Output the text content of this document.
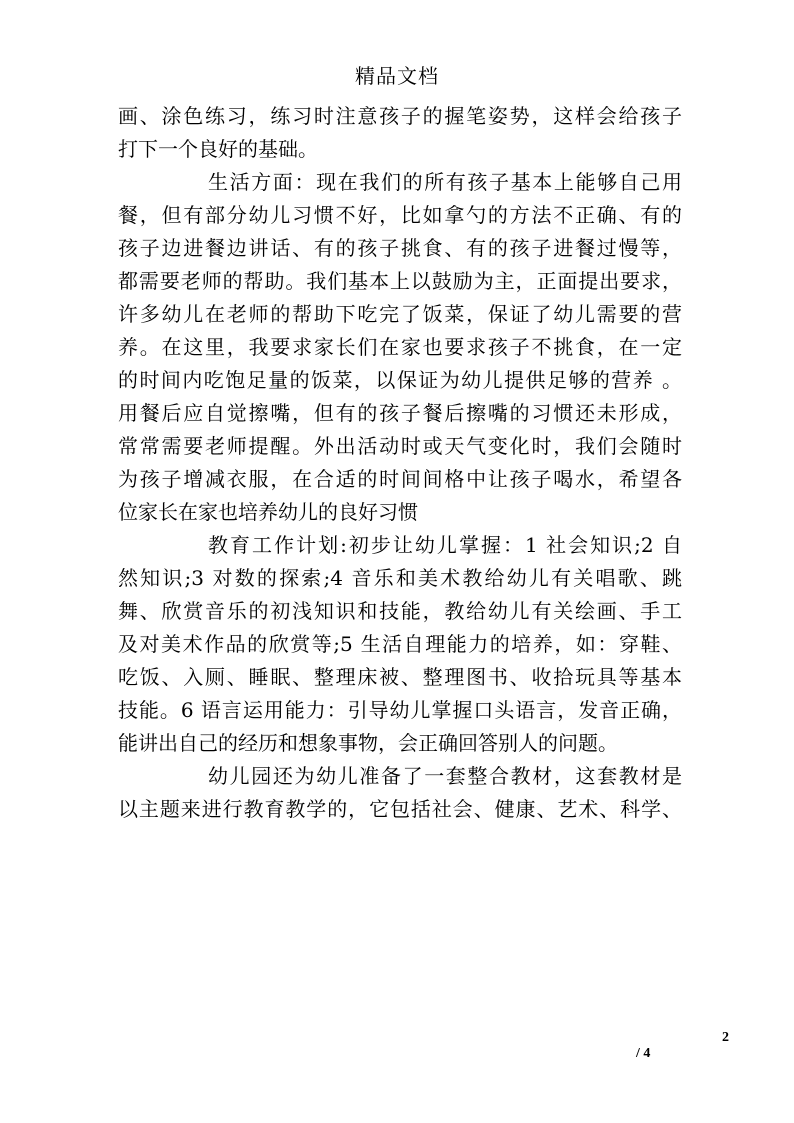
精品文档
画、涂色练习，练习时注意孩子的握笔姿势，这样会给孩子
打下一个良好的基础。
生活方面：现在我们的所有孩子基本上能够自己用
餐，但有部分幼儿习惯不好，比如拿勺的方法不正确、有的
孩子边进餐边讲话、有的孩子挑食、有的孩子进餐过慢等，
都需要老师的帮助。我们基本上以鼓励为主，正面提出要求，
许多幼儿在老师的帮助下吃完了饭菜，保证了幼儿需要的营
养。在这里，我要求家长们在家也要求孩子不挑食，在一定
的时间内吃饱足量的饭菜，以保证为幼儿提供足够的营养 。
用餐后应自觉擦嘴，但有的孩子餐后擦嘴的习惯还未形成，
常常需要老师提醒。外出活动时或天气变化时，我们会随时
为孩子增减衣服，在合适的时间间格中让孩子喝水，希望各
位家长在家也培养幼儿的良好习惯
教育工作计划:初步让幼儿掌握：1 社会知识;2 自
然知识;3 对数的探索;4 音乐和美术教给幼儿有关唱歌、跳
舞、欣赏音乐的初浅知识和技能，教给幼儿有关绘画、手工
及对美术作品的欣赏等;5 生活自理能力的培养，如：穿鞋、
吃饭、入厕、睡眠、整理床被、整理图书、收拾玩具等基本
技能。6 语言运用能力：引导幼儿掌握口头语言，发音正确，
能讲出自己的经历和想象事物，会正确回答别人的问题。
幼儿园还为幼儿准备了一套整合教材，这套教材是
以主题来进行教育教学的，它包括社会、健康、艺术、科学、
2
/ 4
